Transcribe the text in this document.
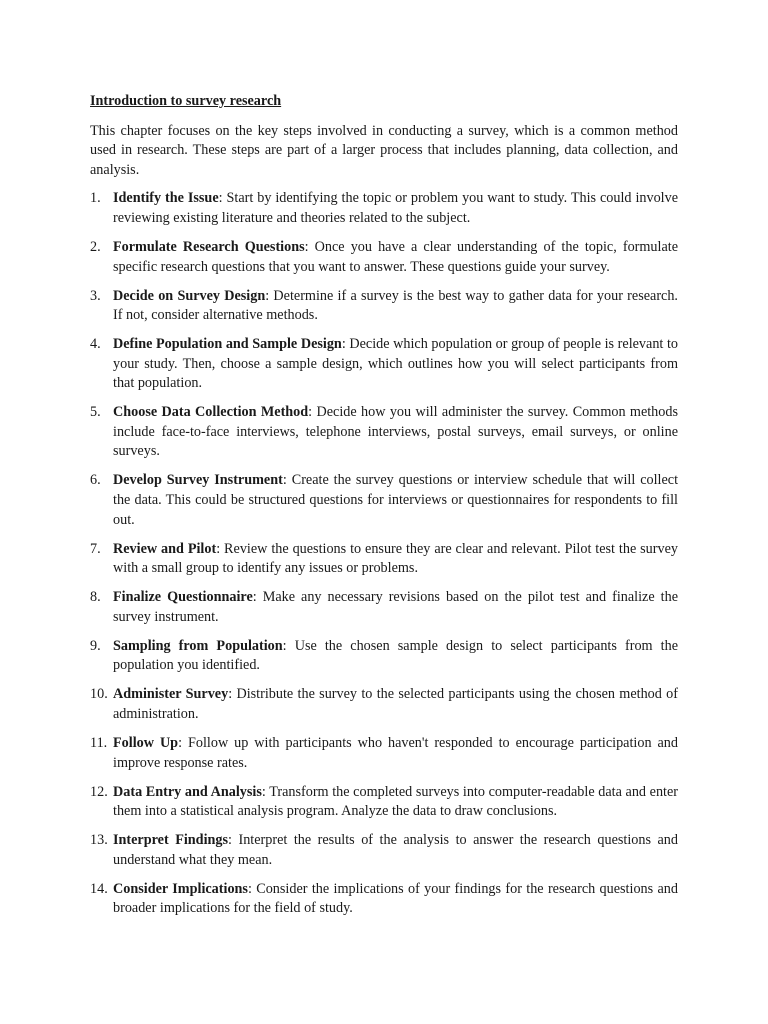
Introduction to survey research

This chapter focuses on the key steps involved in conducting a survey, which is a common method used in research. These steps are part of a larger process that includes planning, data collection, and analysis.

1. Identify the Issue: Start by identifying the topic or problem you want to study. This could involve reviewing existing literature and theories related to the subject.
2. Formulate Research Questions: Once you have a clear understanding of the topic, formulate specific research questions that you want to answer. These questions guide your survey.
3. Decide on Survey Design: Determine if a survey is the best way to gather data for your research. If not, consider alternative methods.
4. Define Population and Sample Design: Decide which population or group of people is relevant to your study. Then, choose a sample design, which outlines how you will select participants from that population.
5. Choose Data Collection Method: Decide how you will administer the survey. Common methods include face-to-face interviews, telephone interviews, postal surveys, email surveys, or online surveys.
6. Develop Survey Instrument: Create the survey questions or interview schedule that will collect the data. This could be structured questions for interviews or questionnaires for respondents to fill out.
7. Review and Pilot: Review the questions to ensure they are clear and relevant. Pilot test the survey with a small group to identify any issues or problems.
8. Finalize Questionnaire: Make any necessary revisions based on the pilot test and finalize the survey instrument.
9. Sampling from Population: Use the chosen sample design to select participants from the population you identified.
10. Administer Survey: Distribute the survey to the selected participants using the chosen method of administration.
11. Follow Up: Follow up with participants who haven't responded to encourage participation and improve response rates.
12. Data Entry and Analysis: Transform the completed surveys into computer-readable data and enter them into a statistical analysis program. Analyze the data to draw conclusions.
13. Interpret Findings: Interpret the results of the analysis to answer the research questions and understand what they mean.
14. Consider Implications: Consider the implications of your findings for the research questions and broader implications for the field of study.
